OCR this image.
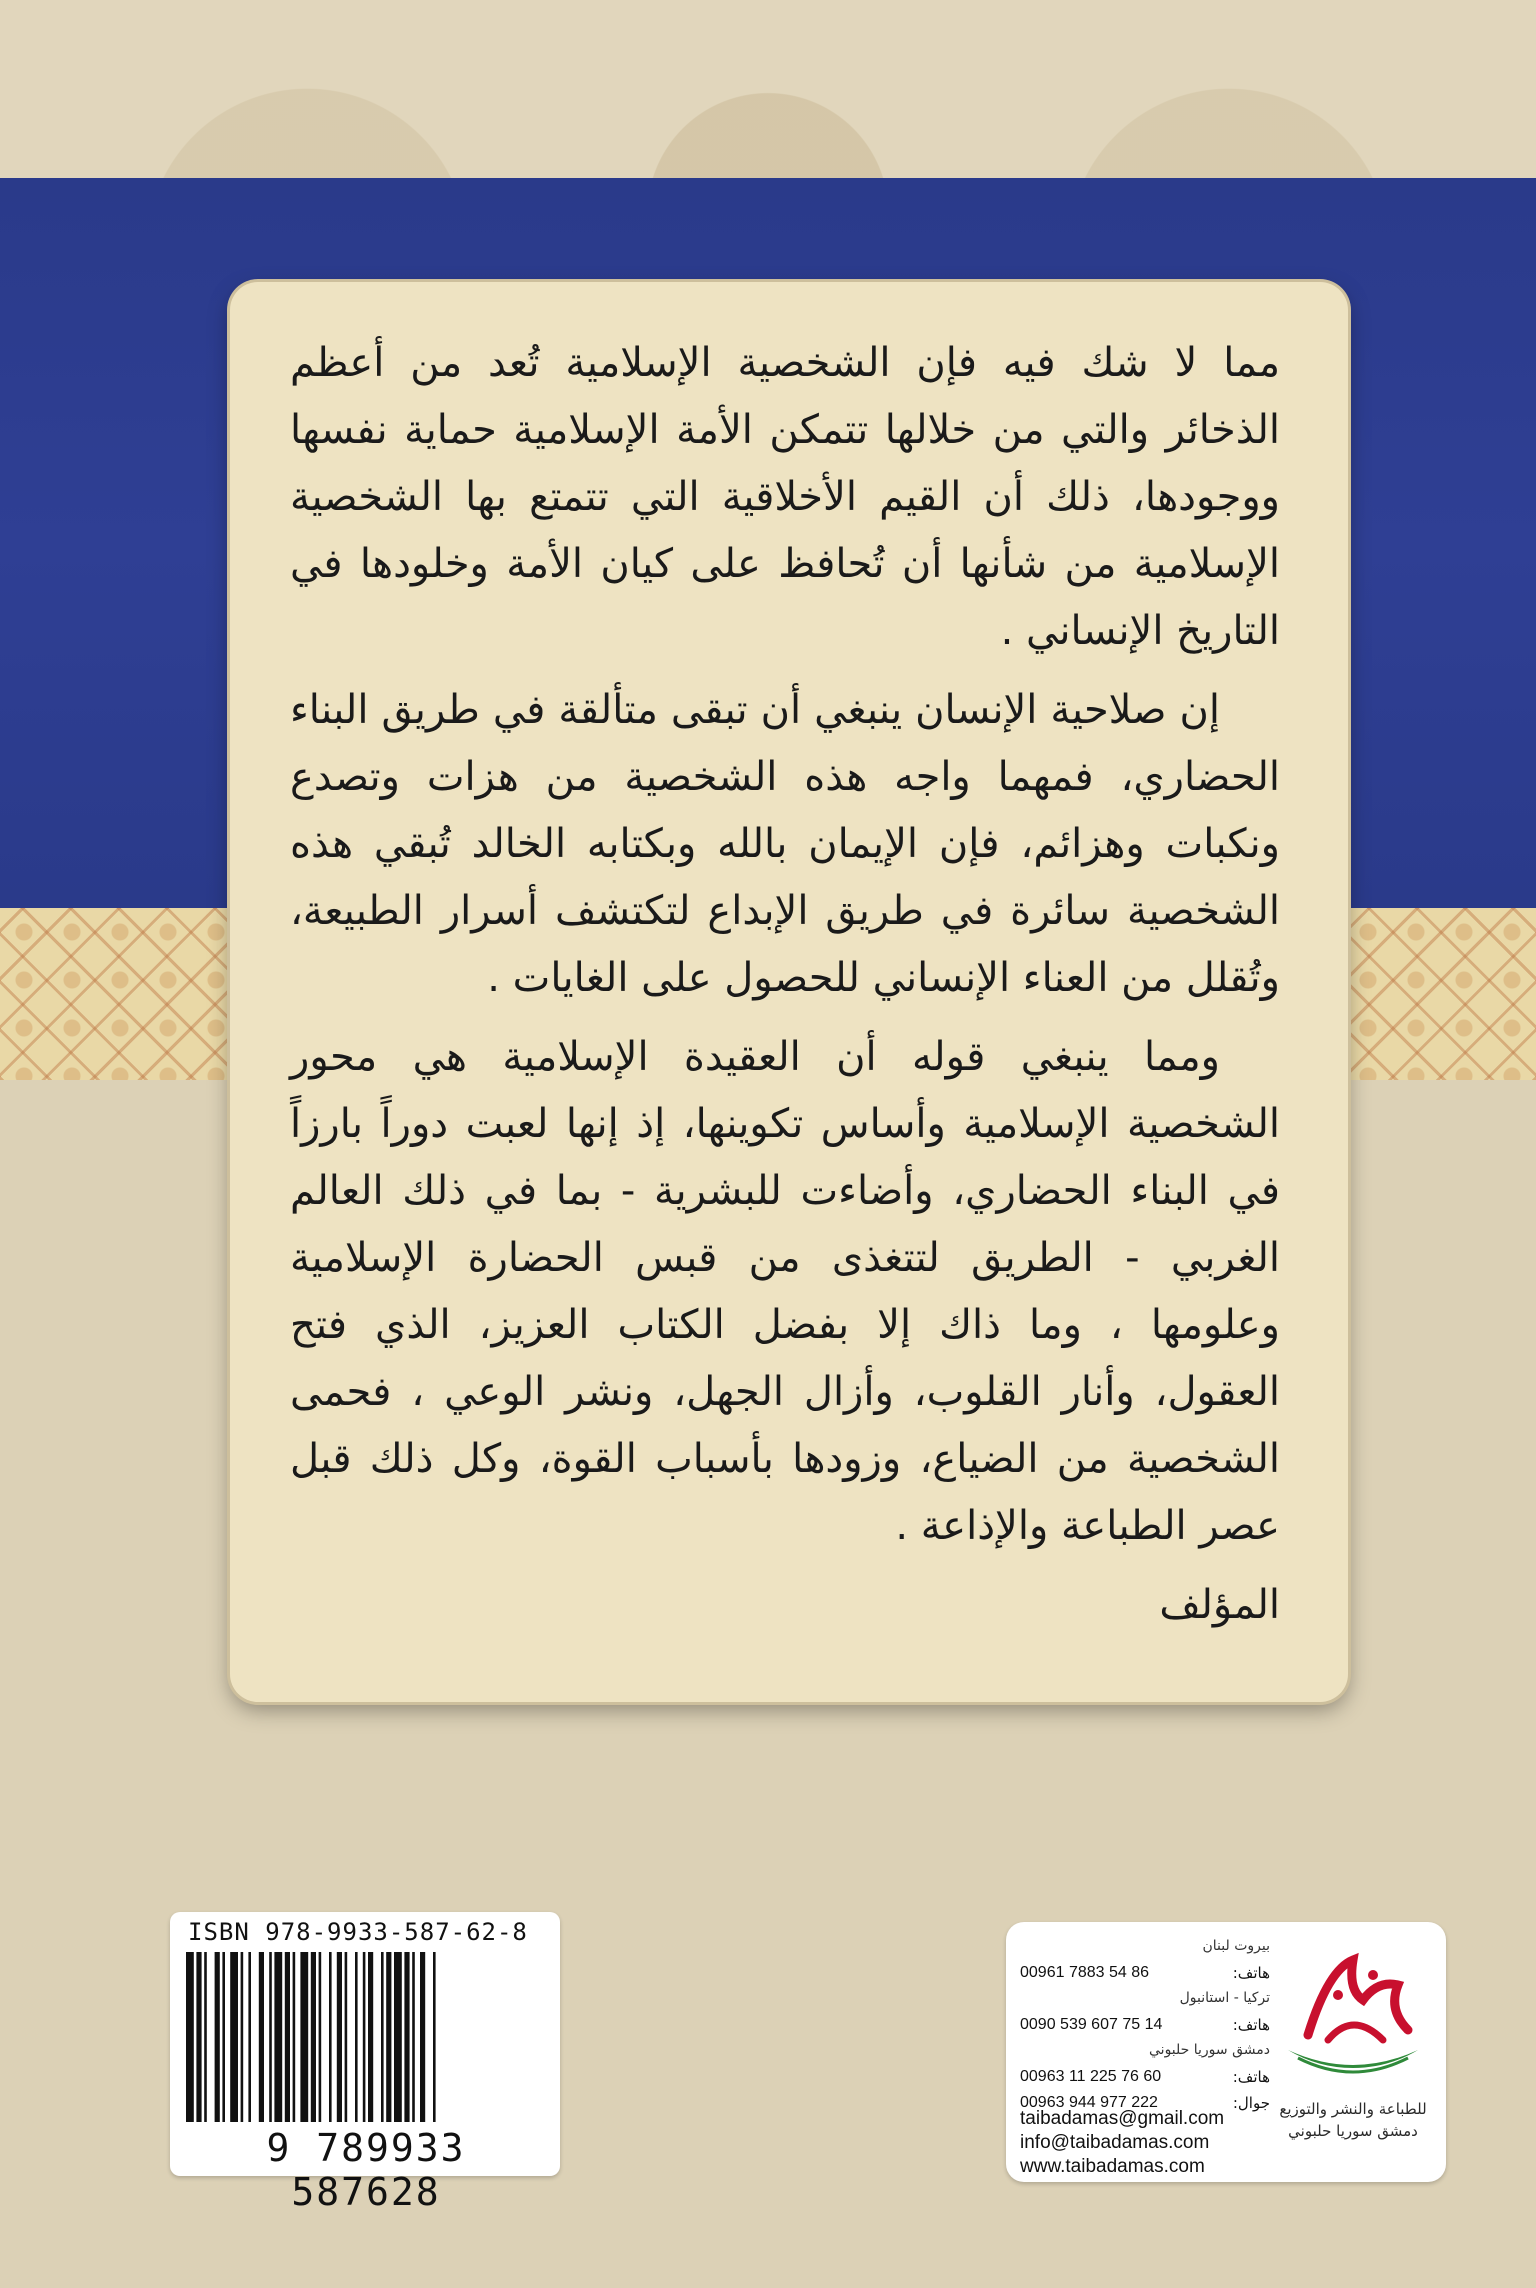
مما لا شك فيه فإن الشخصية الإسلامية تُعد من أعظم الذخائر والتي من خلالها تتمكن الأمة الإسلامية حماية نفسها ووجودها، ذلك أن القيم الأخلاقية التي تتمتع بها الشخصية الإسلامية من شأنها أن تُحافظ على كيان الأمة وخلودها في التاريخ الإنساني .

إن صلاحية الإنسان ينبغي أن تبقى متألقة في طريق البناء الحضاري، فمهما واجه هذه الشخصية من هزات وتصدع ونكبات وهزائم، فإن الإيمان بالله وبكتابه الخالد تُبقي هذه الشخصية سائرة في طريق الإبداع لتكتشف أسرار الطبيعة، وتُقلل من العناء الإنساني للحصول على الغايات .

ومما ينبغي قوله أن العقيدة الإسلامية هي محور الشخصية الإسلامية وأساس تكوينها، إذ إنها لعبت دوراً بارزاً في البناء الحضاري، وأضاءت للبشرية - بما في ذلك العالم الغربي - الطريق لتتغذى من قبس الحضارة الإسلامية وعلومها ، وما ذاك إلا بفضل الكتاب العزيز، الذي فتح العقول، وأنار القلوب، وأزال الجهل، ونشر الوعي ، فحمى الشخصية من الضياع، وزودها بأسباب القوة، وكل ذلك قبل عصر الطباعة والإذاعة .

المؤلف
ISBN 978-9933-587-62-8
9 789933 587628
للطباعة والنشر والتوزيع
دمشق سوريا حلبوني
بيروت لبنان
هاتف:
00961 7883 54 86
تركيا - استانبول
هاتف:
0090 539 607 75 14
دمشق سوريا حلبوني
هاتف:
00963 11 225 76 60
جوال:
00963 944 977 222
taibadamas@gmail.com
info@taibadamas.com
www.taibadamas.com
